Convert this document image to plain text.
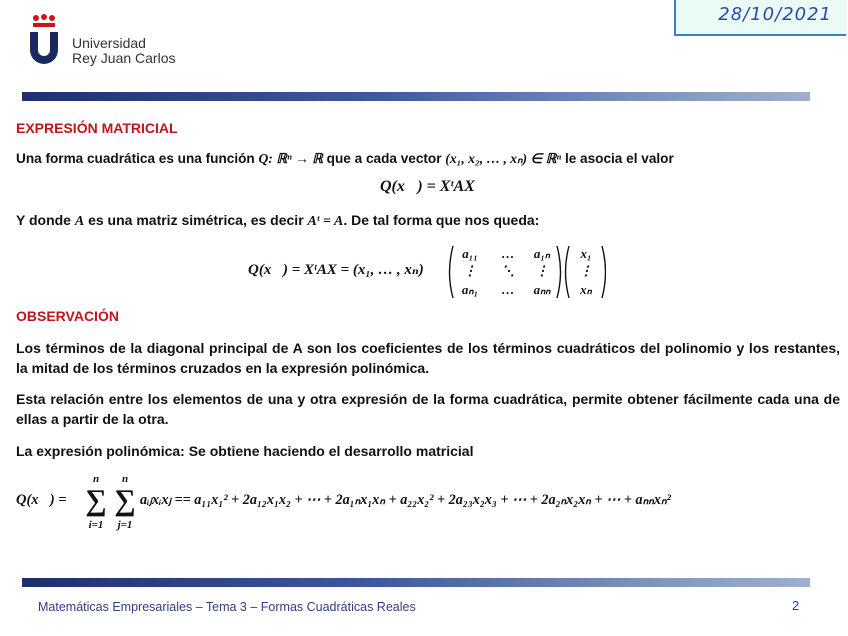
Universidad
Rey Juan Carlos
28/10/2021
EXPRESIÓN MATRICIAL
Una forma cuadrática es una función Q: ℝⁿ → ℝ que a cada vector (x₁, x₂, … , xₙ) ∈ ℝⁿ le asocia el valor
Q(x⃗) = XᵗAX
Y donde A es una matriz simétrica, es decir Aᵗ = A. De tal forma que nos queda:
Q(x⃗) = XᵗAX = (x₁, … , xₙ)
a₁₁ … a₁ₙ
⋮ ⋱ ⋮
aₙ₁ … aₙₙ
x₁
⋮
xₙ
OBSERVACIÓN
Los términos de la diagonal principal de A son los coeficientes de los términos cuadráticos del polinomio y los restantes, la mitad de los términos cruzados en la expresión polinómica.
Esta relación entre los elementos de una y otra expresión de la forma cuadrática, permite obtener fácilmente cada una de ellas a partir de la otra.
La expresión polinómica: Se obtiene haciendo el desarrollo matricial
Q(x⃗) =
n n
∑ ∑
i=1 j=1
aᵢⱼxᵢxⱼ == a₁₁x₁² + 2a₁₂x₁x₂ + ⋯ + 2a₁ₙx₁xₙ + a₂₂x₂² + 2a₂₃x₂x₃ + ⋯ + 2a₂ₙx₂xₙ + ⋯ + aₙₙxₙ²
Matemáticas Empresariales – Tema 3 – Formas Cuadráticas Reales	2
